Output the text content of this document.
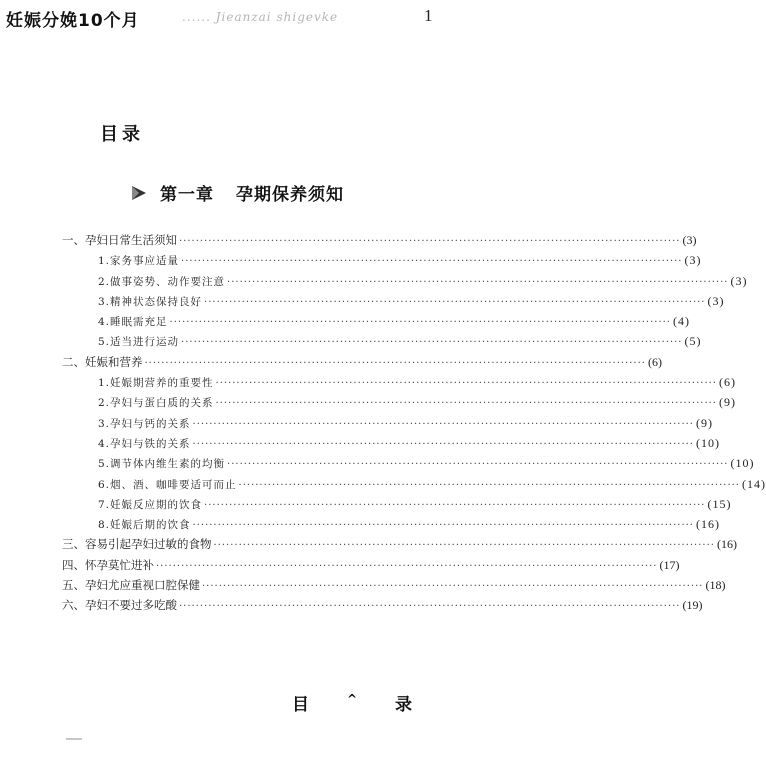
妊娠分娩10个月	...... Jieanzai shigevke	1
目录
第一章 孕期保养须知
一、 孕妇日常生活须知 ························································································································ (3)
1. 家务事应适量 ························································································································ (3)
2. 做事姿势、动作要注意 ························································································································ (3)
3. 精神状态保持良好 ························································································································ (3)
4. 睡眠需充足 ························································································································ (4)
5. 适当进行运动 ························································································································ (5)
二、 妊娠和营养 ························································································································ (6)
1. 妊娠期营养的重要性 ························································································································ (6)
2. 孕妇与蛋白质的关系 ························································································································ (9)
3. 孕妇与钙的关系 ························································································································ (9)
4. 孕妇与铁的关系 ························································································································ (10)
5. 调节体内维生素的均衡 ························································································································ (10)
6. 烟、酒、咖啡要适可而止 ························································································································ (14)
7. 妊娠反应期的饮食 ························································································································ (15)
8. 妊娠后期的饮食 ························································································································ (16)
三、 容易引起孕妇过敏的食物 ························································································································ (16)
四、 怀孕莫忙进补 ························································································································ (17)
五、 孕妇尤应重视口腔保健 ························································································································ (18)
六、 孕妇不要过多吃酸 ························································································································ (19)
目	^ 录
